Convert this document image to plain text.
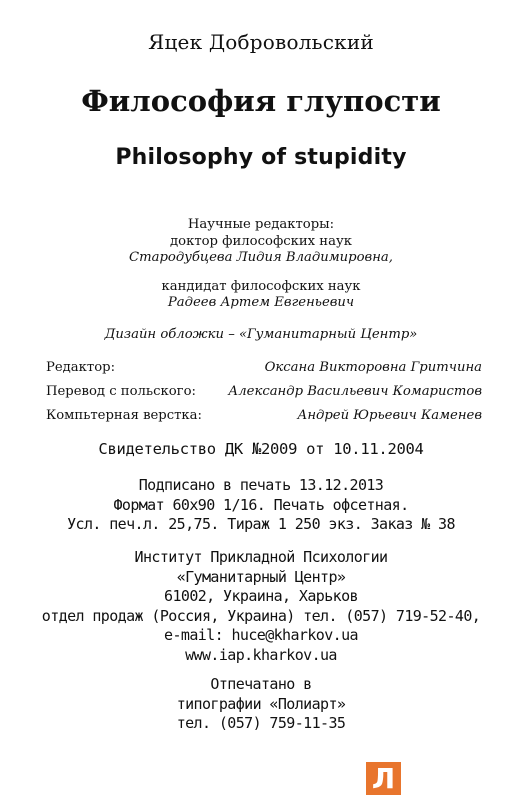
Яцек Добровольский
Философия глупости
Philosophy of stupidity
Научные редакторы:
доктор философских наук
Стародубцева Лидия Владимировна,
кандидат философских наук
Радеев Артем Евгеньевич
Дизайн обложки – «Гуманитарный Центр»
Редактор:	Оксана Викторовна Гритчина
Перевод с польского: Александр Васильевич Комаристов
Компьтерная верстка:	Андрей Юрьевич Каменев
Свидетельство ДК №2009 от 10.11.2004
Подписано в печать 13.12.2013
Формат 60х90 1/16. Печать офсетная.
Усл. печ.л. 25,75. Тираж 1 250 экз. Заказ № 38
Институт Прикладной Психологии
«Гуманитарный Центр»
61002, Украина, Харьков
отдел продаж (Россия, Украина) тел. (057) 719-52-40,
e-mail: huce@kharkov.ua
www.iap.kharkov.ua
Отпечатано в
типографии «Полиарт»
тел. (057) 759-11-35
Л
